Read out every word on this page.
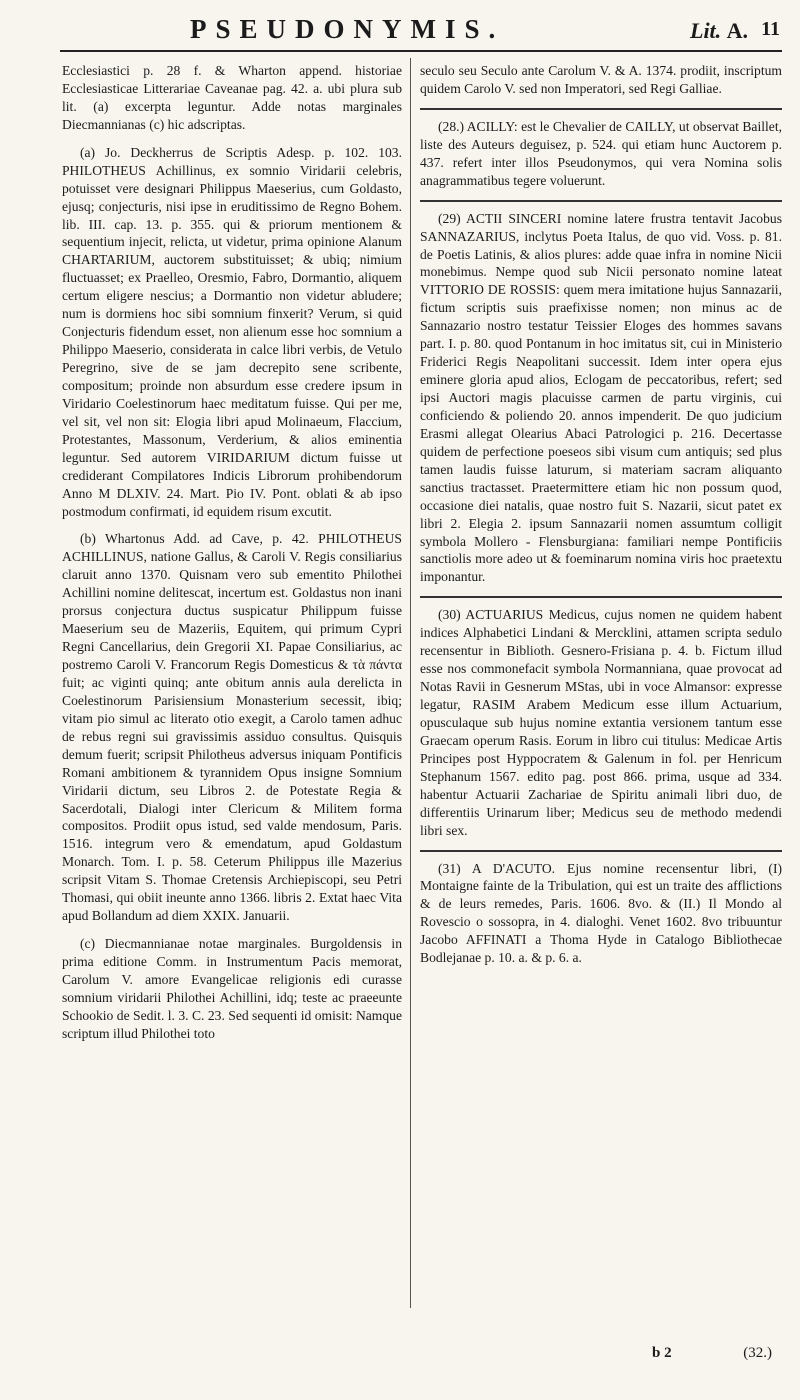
PSEUDONYMIS.	Lit. A. 11

Ecclesiastici p. 28 f. & Wharton append. historiae Ecclesiasticae Litterariae Caveanae pag. 42. a. ubi plura sub lit. (a) excerpta leguntur. Adde notas marginales Diecmannianas (c) hic adscriptas.

(a) Jo. Deckherrus de Scriptis Adesp. p. 102. 103. PHILOTHEUS Achillinus, ex somnio Viridarii celebris, potuisset vere designari Philippus Maeserius, cum Goldasto, ejusq; conjecturis, nisi ipse in eruditissimo de Regno Bohem. lib. III. cap. 13. p. 355. qui & priorum mentionem & sequentium injecit, relicta, ut videtur, prima opinione Alanum CHARTARIUM, auctorem substituisset; & ubiq; nimium fluctuasset; ex Praelleo, Oresmio, Fabro, Dormantio, aliquem certum eligere nescius; a Dormantio non videtur abludere; num is dormiens hoc sibi somnium finxerit? Verum, si quid Conjecturis fidendum esset, non alienum esse hoc somnium a Philippo Maeserio, considerata in calce libri verbis, de Vetulo Peregrino, sive de se jam decrepito sene scribente, compositum; proinde non absurdum esse credere ipsum in Viridario Coelestinorum haec meditatum fuisse. Qui per me, vel sit, vel non sit: Elogia libri apud Molinaeum, Flaccium, Protestantes, Massonum, Verderium, & alios eminentia leguntur. Sed autorem VIRIDARIUM dictum fuisse ut crediderant Compilatores Indicis Librorum prohibendorum Anno M DLXIV. 24. Mart. Pio IV. Pont. oblati & ab ipso postmodum confirmati, id equidem risum excutit.

(b) Whartonus Add. ad Cave, p. 42. PHILOTHEUS ACHILLINUS, natione Gallus, & Caroli V. Regis consiliarius claruit anno 1370. Quisnam vero sub ementito Philothei Achillini nomine delitescat, incertum est. Goldastus non inani prorsus conjectura ductus suspicatur Philippum fuisse Maeserium seu de Mazeriis, Equitem, qui primum Cypri Regni Cancellarius, dein Gregorii XI. Papae Consiliarius, ac postremo Caroli V. Francorum Regis Domesticus & τὰ πάντα fuit; ac viginti quinq; ante obitum annis aula derelicta in Coelestinorum Parisiensium Monasterium secessit, ibiq; vitam pio simul ac literato otio exegit, a Carolo tamen adhuc de rebus regni sui gravissimis assiduo consultus. Quisquis demum fuerit; scripsit Philotheus adversus iniquam Pontificis Romani ambitionem & tyrannidem Opus insigne Somnium Viridarii dictum, seu Libros 2. de Potestate Regia & Sacerdotali, Dialogi inter Clericum & Militem forma compositos. Prodiit opus istud, sed valde mendosum, Paris. 1516. integrum vero & emendatum, apud Goldastum Monarch. Tom. I. p. 58. Ceterum Philippus ille Mazerius scripsit Vitam S. Thomae Cretensis Archiepiscopi, seu Petri Thomasi, qui obiit ineunte anno 1366. libris 2. Extat haec Vita apud Bollandum ad diem XXIX. Januarii.

(c) Diecmannianae notae marginales. Burgoldensis in prima editione Comm. in Instrumentum Pacis memorat, Carolum V. amore Evangelicae religionis edi curasse somnium viridarii Philothei Achillini, idq; teste ac praeeunte Schookio de Sedit. l. 3. C. 23. Sed sequenti id omisit: Namque scriptum illud Philothei toto

seculo seu Seculo ante Carolum V. & A. 1374. prodiit, inscriptum quidem Carolo V. sed non Imperatori, sed Regi Galliae.

(28.) ACILLY: est le Chevalier de CAILLY, ut observat Baillet, liste des Auteurs deguisez, p. 524. qui etiam hunc Auctorem p. 437. refert inter illos Pseudonymos, qui vera Nomina solis anagrammatibus tegere voluerunt.

(29) ACTII SINCERI nomine latere frustra tentavit Jacobus SANNAZARIUS, inclytus Poeta Italus, de quo vid. Voss. p. 81. de Poetis Latinis, & alios plures: adde quae infra in nomine Nicii monebimus. Nempe quod sub Nicii personato nomine lateat VITTORIO DE ROSSIS: quem mera imitatione hujus Sannazarii, fictum scriptis suis praefixisse nomen; non minus ac de Sannazario nostro testatur Teissier Eloges des hommes savans part. I. p. 80. quod Pontanum in hoc imitatus sit, cui in Ministerio Friderici Regis Neapolitani successit. Idem inter opera ejus eminere gloria apud alios, Eclogam de peccatoribus, refert; sed ipsi Auctori magis placuisse carmen de partu virginis, cui conficiendo & poliendo 20. annos impenderit. De quo judicium Erasmi allegat Olearius Abaci Patrologici p. 216. Decertasse quidem de perfectione poeseos sibi visum cum antiquis; sed plus tamen laudis fuisse laturum, si materiam sacram aliquanto sanctius tractasset. Praetermittere etiam hic non possum quod, occasione diei natalis, quae nostro fuit S. Nazarii, sicut patet ex libri 2. Elegia 2. ipsum Sannazarii nomen assumtum colligit symbola Mollero - Flensburgiana: familiari nempe Pontificiis sanctiolis more adeo ut & foeminarum nomina viris hoc praetextu imponantur.

(30) ACTUARIUS Medicus, cujus nomen ne quidem habent indices Alphabetici Lindani & Mercklini, attamen scripta sedulo recensentur in Biblioth. Gesnero-Frisiana p. 4. b. Fictum illud esse nos commonefacit symbola Normanniana, quae provocat ad Notas Ravii in Gesnerum MStas, ubi in voce Almansor: expresse legatur, RASIM Arabem Medicum esse illum Actuarium, opusculaque sub hujus nomine extantia versionem tantum esse Graecam operum Rasis. Eorum in libro cui titulus: Medicae Artis Principes post Hyppocratem & Galenum in fol. per Henricum Stephanum 1567. edito pag. post 866. prima, usque ad 334. habentur Actuarii Zachariae de Spiritu animali libri duo, de differentiis Urinarum liber; Medicus seu de methodo medendi libri sex.

(31) A D'ACUTO. Ejus nomine recensentur libri, (I) Montaigne fainte de la Tribulation, qui est un traite des afflictions & de leurs remedes, Paris. 1606. 8vo. & (II.) Il Mondo al Rovescio o sossopra, in 4. dialoghi. Venet 1602. 8vo tribuuntur Jacobo AFFINATI a Thoma Hyde in Catalogo Bibliothecae Bodlejanae p. 10. a. & p. 6. a.

b 2	(32.)
